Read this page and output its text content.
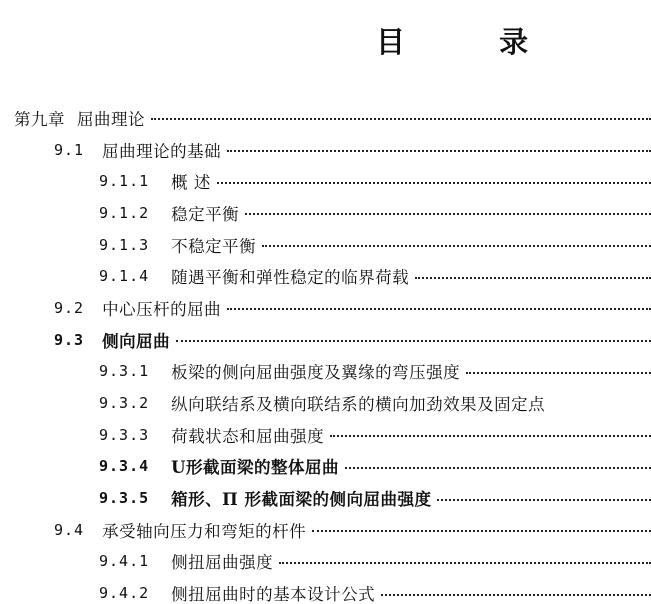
目 录
第九章 屈曲理论
9.1 屈曲理论的基础
9.1.1 概 述
9.1.2 稳定平衡
9.1.3 不稳定平衡
9.1.4 随遇平衡和弹性稳定的临界荷载
9.2 中心压杆的屈曲
9.3 侧向屈曲
9.3.1 板梁的侧向屈曲强度及翼缘的弯压强度
9.3.2 纵向联结系及横向联结系的横向加劲效果及固定点
9.3.3 荷载状态和屈曲强度
9.3.4 U形截面梁的整体屈曲
9.3.5 箱形、Π 形截面梁的侧向屈曲强度
9.4 承受轴向压力和弯矩的杆件
9.4.1 侧扭屈曲强度
9.4.2 侧扭屈曲时的基本设计公式
